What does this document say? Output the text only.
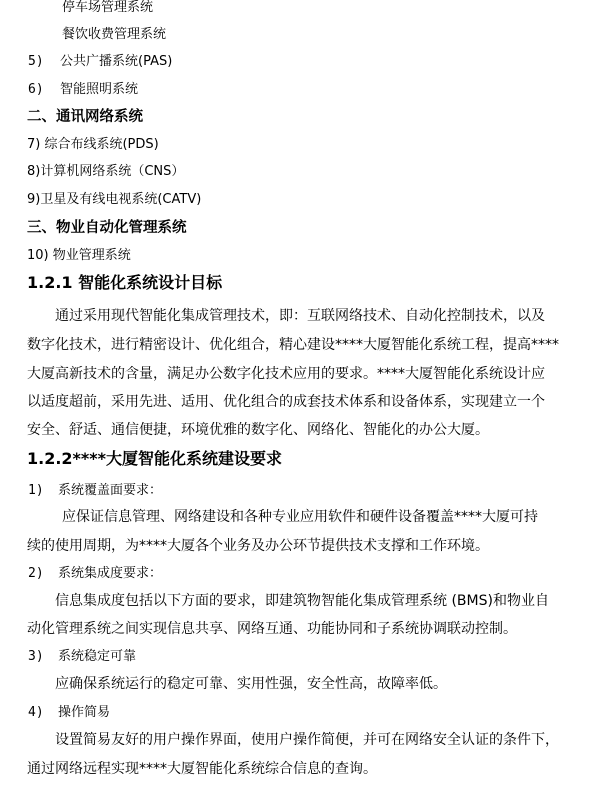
停车场管理系统
餐饮收费管理系统
5) 公共广播系统(PAS)
6) 智能照明系统
二、通讯网络系统
7) 综合布线系统(PDS)
8)计算机网络系统（CNS）
9)卫星及有线电视系统(CATV)
三、物业自动化管理系统
10) 物业管理系统
1.2.1 智能化系统设计目标
通过采用现代智能化集成管理技术，即：互联网络技术、自动化控制技术，以及
数字化技术，进行精密设计、优化组合，精心建设****大厦智能化系统工程，提高****
大厦高新技术的含量，满足办公数字化技术应用的要求。****大厦智能化系统设计应
以适度超前，采用先进、适用、优化组合的成套技术体系和设备体系，实现建立一个
安全、舒适、通信便捷，环境优雅的数字化、网络化、智能化的办公大厦。
1.2.2****大厦智能化系统建设要求
1) 系统覆盖面要求：
应保证信息管理、网络建设和各种专业应用软件和硬件设备覆盖****大厦可持
续的使用周期，为****大厦各个业务及办公环节提供技术支撑和工作环境。
2) 系统集成度要求：
信息集成度包括以下方面的要求，即建筑物智能化集成管理系统 (BMS)和物业自
动化管理系统之间实现信息共享、网络互通、功能协同和子系统协调联动控制。
3) 系统稳定可靠
应确保系统运行的稳定可靠、实用性强，安全性高，故障率低。
4) 操作简易
设置简易友好的用户操作界面，使用户操作简便，并可在网络安全认证的条件下，
通过网络远程实现****大厦智能化系统综合信息的查询。
